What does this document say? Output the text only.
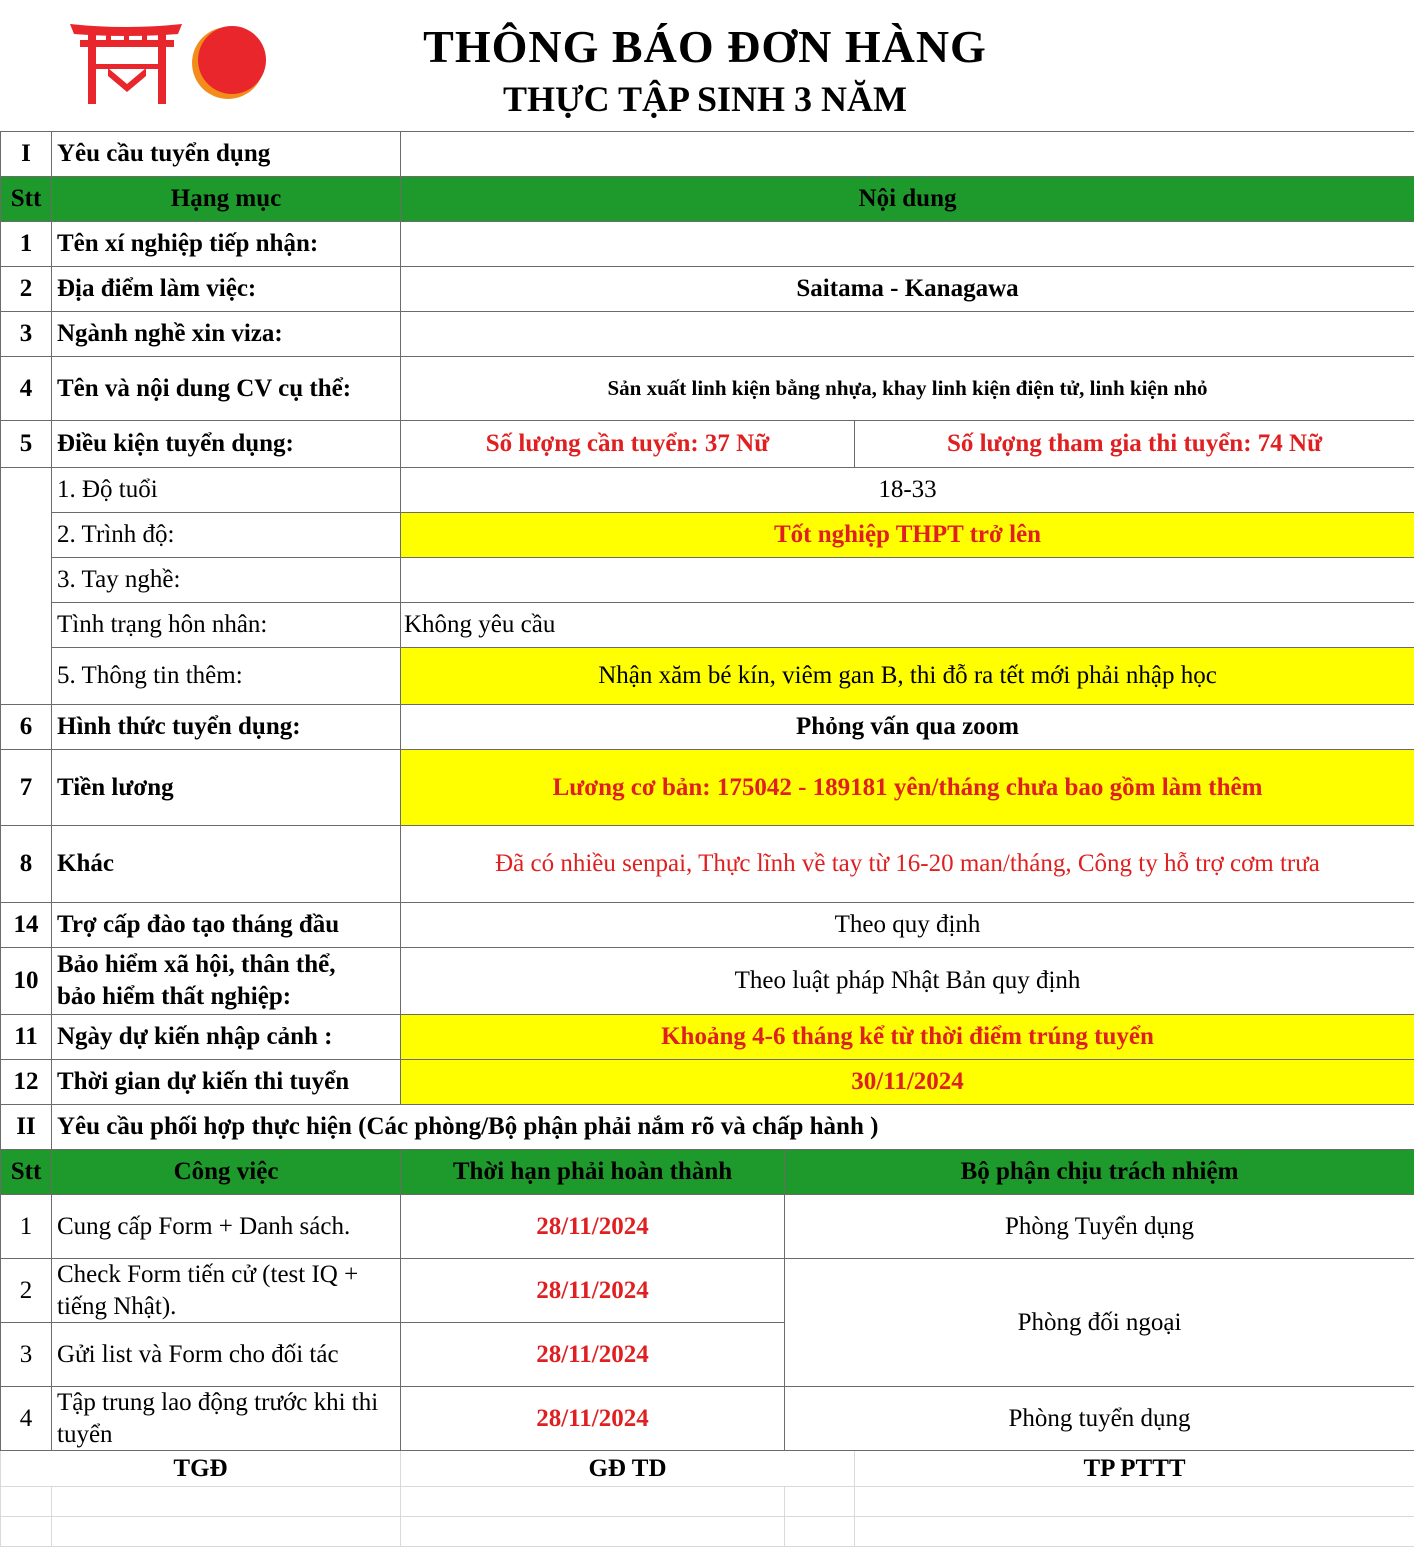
THÔNG BÁO ĐƠN HÀNG
THỰC TẬP SINH 3 NĂM
I	Yêu cầu tuyển dụng			
Stt	Hạng mục	Nội dung		
1	Tên xí nghiệp tiếp nhận:			
2	Địa điểm làm việc:	Saitama - Kanagawa		
3	Ngành nghề xin viza:			
4	Tên và nội dung CV cụ thể:	Sản xuất linh kiện bằng nhựa, khay linh kiện điện tử, linh kiện nhỏ		
5	Điều kiện tuyển dụng:	Số lượng cần tuyển: 37 Nữ		Số lượng tham gia thi tuyển: 74 Nữ
	1. Độ tuổi	18-33		
	2. Trình độ:	Tốt nghiệp THPT trở lên		
	3. Tay nghề:			
	Tình trạng hôn nhân:	Không yêu cầu		
	5. Thông tin thêm:	Nhận xăm bé kín, viêm gan B, thi đỗ ra tết mới phải nhập học		
6	Hình thức tuyển dụng:	Phỏng vấn qua zoom		
7	Tiền lương	Lương cơ bản: 175042 - 189181 yên/tháng chưa bao gồm làm thêm		
8	Khác	Đã có nhiều senpai, Thực lĩnh về tay từ 16-20 man/tháng, Công ty hỗ trợ cơm trưa		
14	Trợ cấp đào tạo tháng đầu	Theo quy định		
10	Bảo hiểm xã hội, thân thể,
bảo hiểm thất nghiệp:	Theo luật pháp Nhật Bản quy định		
11	Ngày dự kiến nhập cảnh :	Khoảng 4-6 tháng kể từ thời điểm trúng tuyển		
12	Thời gian dự kiến thi tuyển	30/11/2024		
II	Yêu cầu phối hợp thực hiện (Các phòng/Bộ phận phải nắm rõ và chấp hành )			
Stt	Công việc	Thời hạn phải hoàn thành	Bộ phận chịu trách nhiệm	
1	Cung cấp Form + Danh sách.	28/11/2024	Phòng Tuyển dụng	
2	Check Form tiến cử (test IQ + tiếng Nhật).	28/11/2024	Phòng đối ngoại	
3	Gửi list và Form cho đối tác	28/11/2024		
4	Tập trung lao động trước khi thi tuyển	28/11/2024	Phòng tuyển dụng	
TGĐ		GĐ TD		TP PTTT
